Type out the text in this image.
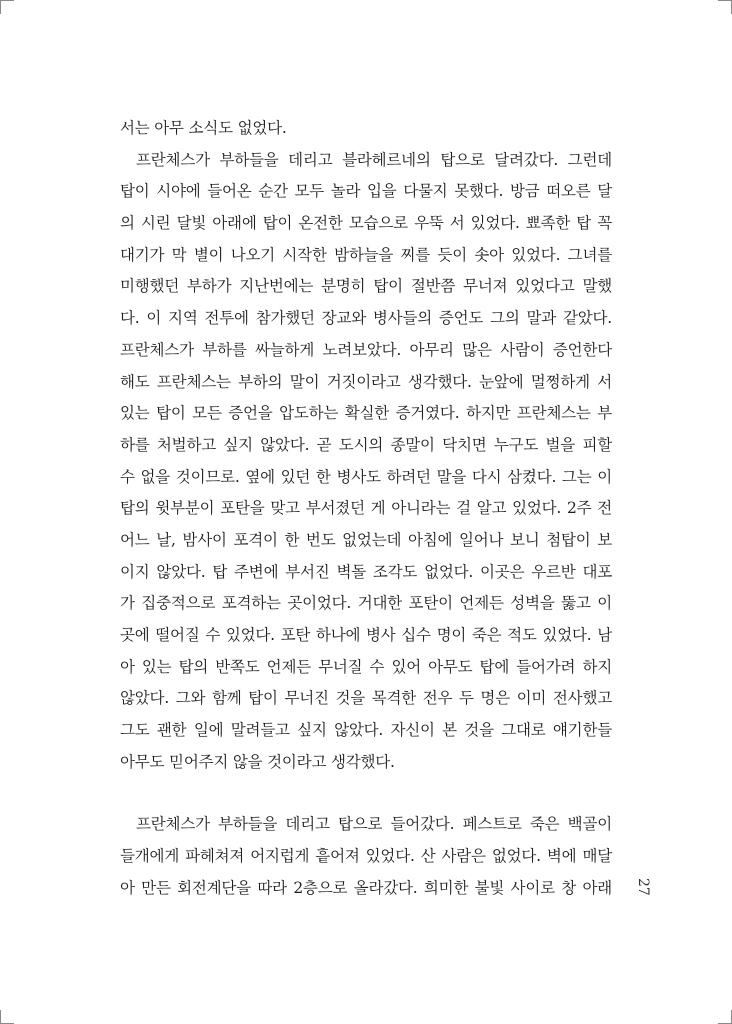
서는 아무 소식도 없었다.
프란체스가 부하들을 데리고 블라헤르네의 탑으로 달려갔다. 그런데
탑이 시야에 들어온 순간 모두 놀라 입을 다물지 못했다. 방금 떠오른 달
의 시린 달빛 아래에 탑이 온전한 모습으로 우뚝 서 있었다. 뾰족한 탑 꼭
대기가 막 별이 나오기 시작한 밤하늘을 찌를 듯이 솟아 있었다. 그녀를
미행했던 부하가 지난번에는 분명히 탑이 절반쯤 무너져 있었다고 말했
다. 이 지역 전투에 참가했던 장교와 병사들의 증언도 그의 말과 같았다.
프란체스가 부하를 싸늘하게 노려보았다. 아무리 많은 사람이 증언한다
해도 프란체스는 부하의 말이 거짓이라고 생각했다. 눈앞에 멀쩡하게 서
있는 탑이 모든 증언을 압도하는 확실한 증거였다. 하지만 프란체스는 부
하를 처벌하고 싶지 않았다. 곧 도시의 종말이 닥치면 누구도 벌을 피할
수 없을 것이므로. 옆에 있던 한 병사도 하려던 말을 다시 삼켰다. 그는 이
탑의 윗부분이 포탄을 맞고 부서졌던 게 아니라는 걸 알고 있었다. 2주 전
어느 날, 밤사이 포격이 한 번도 없었는데 아침에 일어나 보니 첨탑이 보
이지 않았다. 탑 주변에 부서진 벽돌 조각도 없었다. 이곳은 우르반 대포
가 집중적으로 포격하는 곳이었다. 거대한 포탄이 언제든 성벽을 뚫고 이
곳에 떨어질 수 있었다. 포탄 하나에 병사 십수 명이 죽은 적도 있었다. 남
아 있는 탑의 반쪽도 언제든 무너질 수 있어 아무도 탑에 들어가려 하지
않았다. 그와 함께 탑이 무너진 것을 목격한 전우 두 명은 이미 전사했고
그도 괜한 일에 말려들고 싶지 않았다. 자신이 본 것을 그대로 얘기한들
아무도 믿어주지 않을 것이라고 생각했다.
프란체스가 부하들을 데리고 탑으로 들어갔다. 페스트로 죽은 백골이
들개에게 파헤쳐져 어지럽게 흩어져 있었다. 산 사람은 없었다. 벽에 매달
아 만든 회전계단을 따라 2층으로 올라갔다. 희미한 불빛 사이로 창 아래 27
